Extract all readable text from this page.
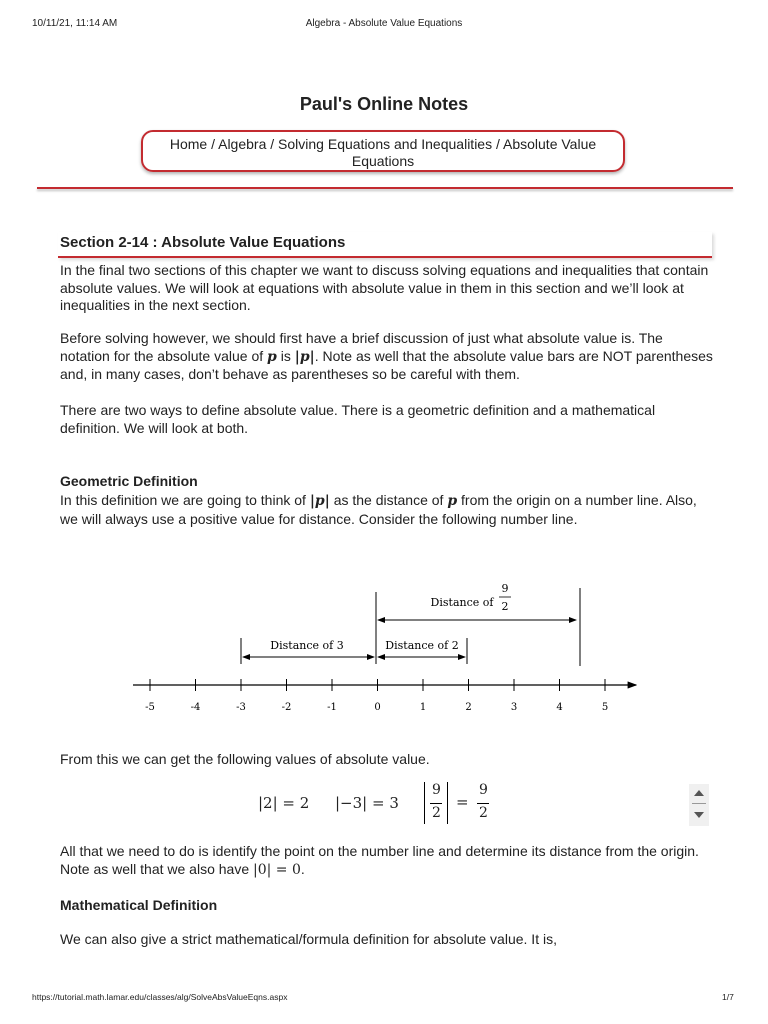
10/11/21, 11:14 AM	Algebra - Absolute Value Equations
Paul's Online Notes
Home / Algebra / Solving Equations and Inequalities / Absolute Value Equations
Section 2-14 : Absolute Value Equations

In the final two sections of this chapter we want to discuss solving equations and inequalities that contain absolute values. We will look at equations with absolute value in them in this section and we’ll look at inequalities in the next section.

Before solving however, we should first have a brief discussion of just what absolute value is. The notation for the absolute value of p is |p|. Note as well that the absolute value bars are NOT parentheses and, in many cases, don’t behave as parentheses so be careful with them.

There are two ways to define absolute value. There is a geometric definition and a mathematical definition. We will look at both.

Geometric Definition

In this definition we are going to think of |p| as the distance of p from the origin on a number line. Also, we will always use a positive value for distance. Consider the following number line.

-5	-4	-3	-2	-1	0	1	2	3	4	5
Distance of 3	Distance of 2
Distance of
9
2

From this we can get the following values of absolute value.

|2| = 2 |−3| = 3
9
2
=
9
2

All that we need to do is identify the point on the number line and determine its distance from the origin. Note as well that we also have |0| = 0.

Mathematical Definition

We can also give a strict mathematical/formula definition for absolute value. It is,

https://tutorial.math.lamar.edu/classes/alg/SolveAbsValueEqns.aspx	1/7
